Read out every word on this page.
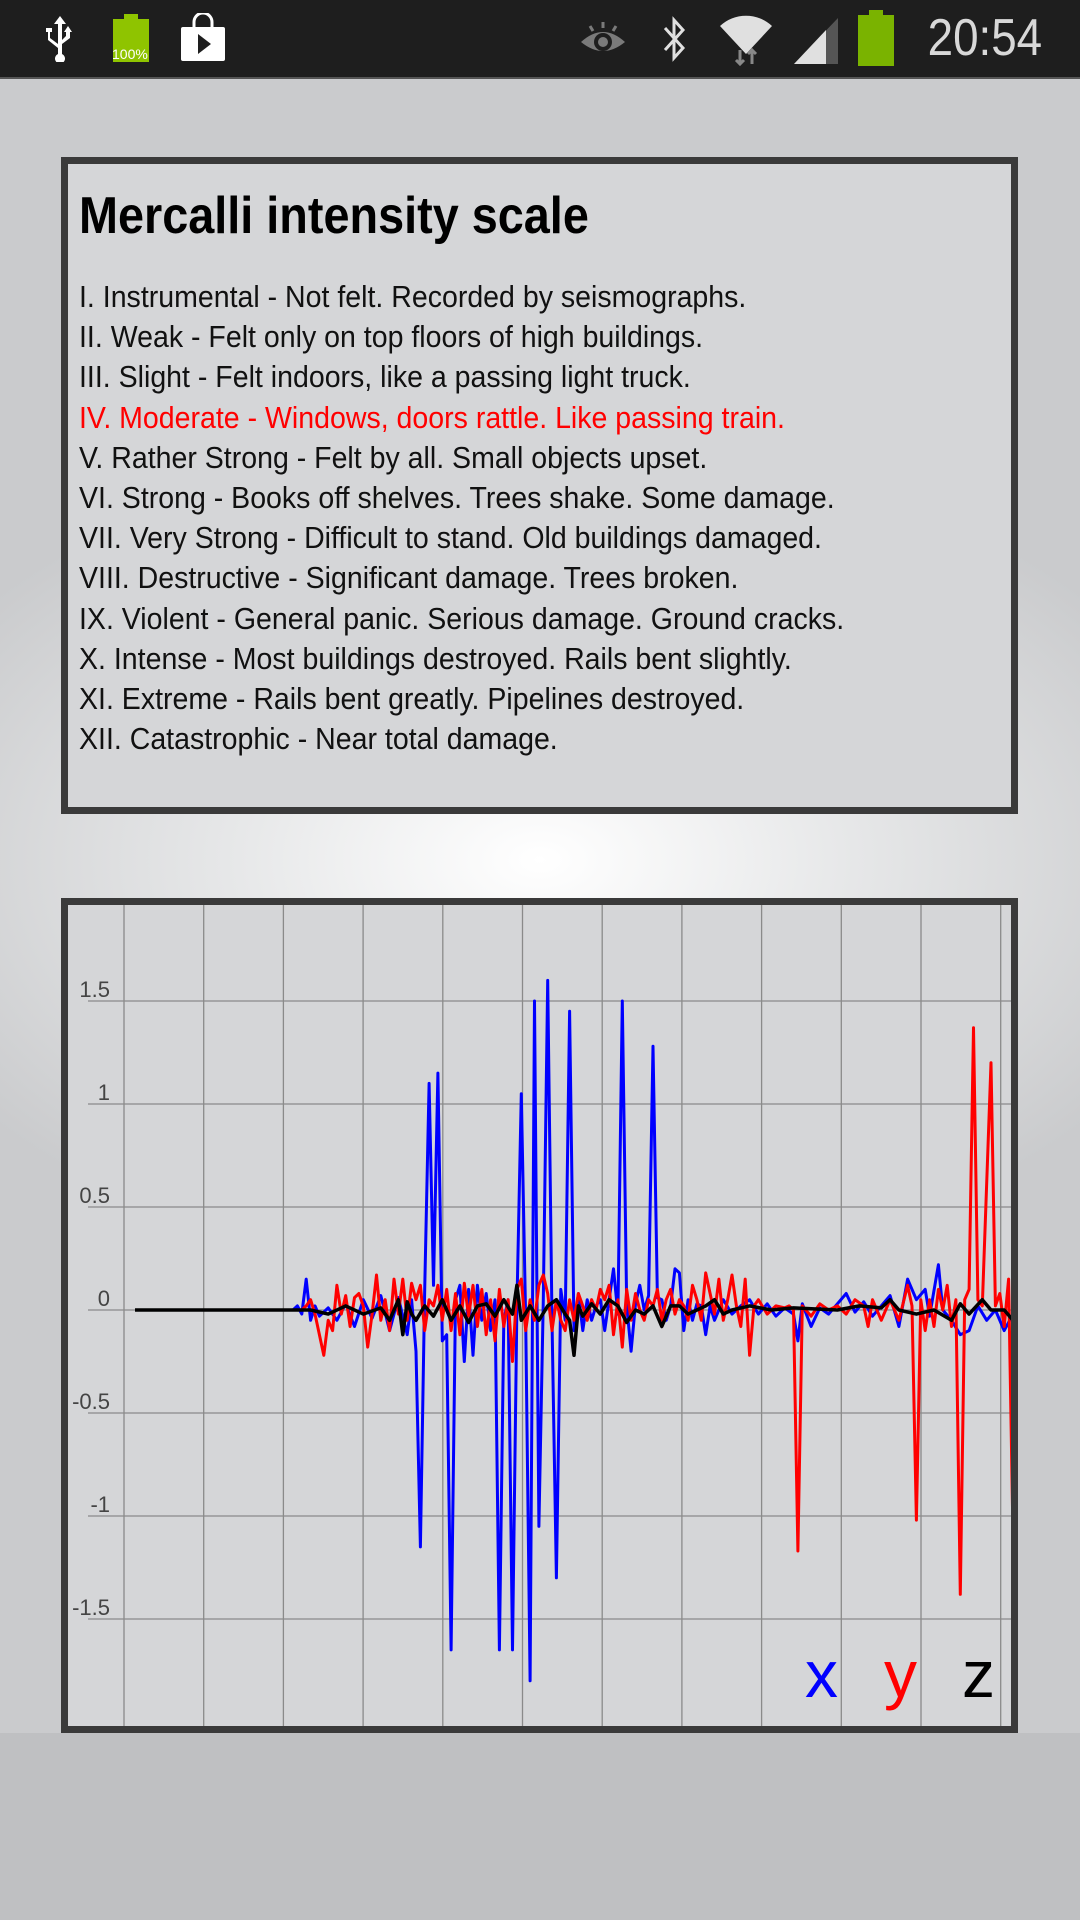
100%	20:54
Mercalli intensity scale
I. Instrumental - Not felt. Recorded by seismographs.
II. Weak - Felt only on top floors of high buildings.
III. Slight - Felt indoors, like a passing light truck.
IV. Moderate - Windows, doors rattle. Like passing train.
V. Rather Strong - Felt by all. Small objects upset.
VI. Strong - Books off shelves. Trees shake. Some damage.
VII. Very Strong - Difficult to stand. Old buildings damaged.
VIII. Destructive - Significant damage. Trees broken.
IX. Violent - General panic. Serious damage. Ground cracks.
X. Intense - Most buildings destroyed. Rails bent slightly.
XI. Extreme - Rails bent greatly. Pipelines destroyed.
XII. Catastrophic - Near total damage.
1.5
1
0.5
0
-0.5
-1
-1.5
x y z
